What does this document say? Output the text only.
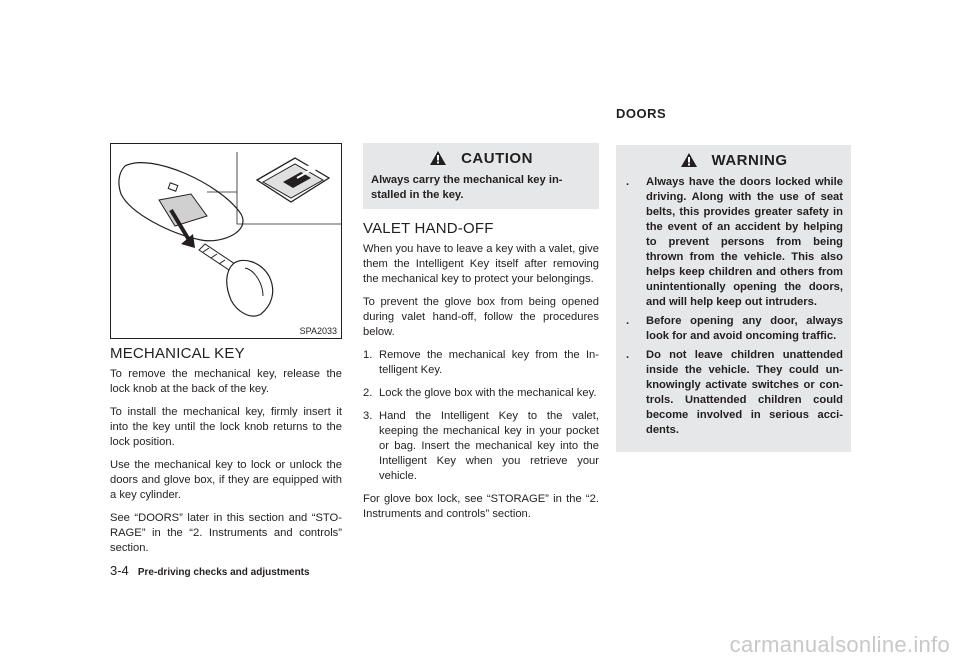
DOORS
SPA2033
MECHANICAL KEY

To remove the mechanical key, release the lock knob at the back of the key.

To install the mechanical key, firmly insert it into the key until the lock knob returns to the lock position.

Use the mechanical key to lock or unlock the doors and glove box, if they are equipped with a key cylinder.

See “DOORS” later in this section and “STO-RAGE” in the “2. Instruments and controls” section.

CAUTION
Always carry the mechanical key in-stalled in the key.
VALET HAND-OFF

When you have to leave a key with a valet, give them the Intelligent Key itself after removing the mechanical key to protect your belongings.

To prevent the glove box from being opened during valet hand-off, follow the procedures below.

1. Remove the mechanical key from the In-telligent Key.
2. Lock the glove box with the mechanical key.
3. Hand the Intelligent Key to the valet, keeping the mechanical key in your pocket or bag. Insert the mechanical key into the Intelligent Key when you retrieve your vehicle.

For glove box lock, see “STORAGE” in the “2. Instruments and controls” section.

WARNING
. Always have the doors locked while driving. Along with the use of seat belts, this provides greater safety in the event of an accident by helping to prevent persons from being thrown from the vehicle. This also helps keep children and others from unintentionally opening the doors, and will help keep out intruders.
. Before opening any door, always look for and avoid oncoming traffic.
. Do not leave children unattended inside the vehicle. They could un-knowingly activate switches or con-trols. Unattended children could become involved in serious acci-dents.
3-4 Pre-driving checks and adjustments
carmanualsonline.info
